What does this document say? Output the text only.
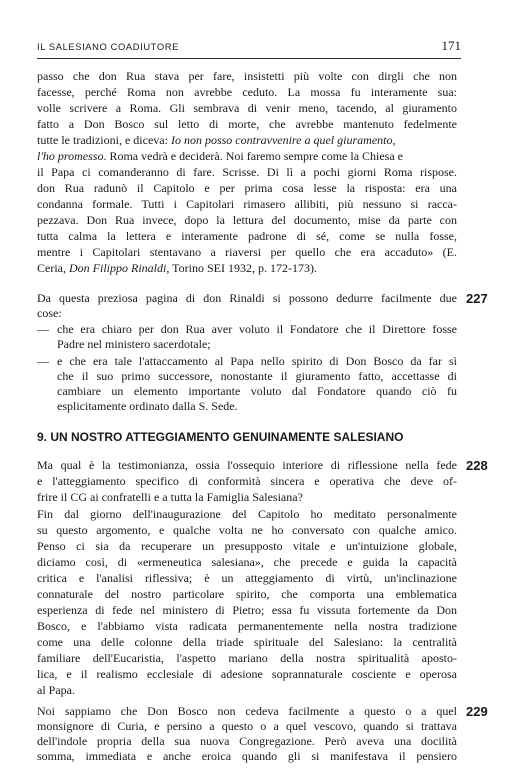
IL SALESIANO COADIUTORE	171
passo che don Rua stava per fare, insistetti più volte con dirgli che non
facesse, perché Roma non avrebbe ceduto. La mossa fu interamente sua:
volle scrivere a Roma. Gli sembrava di venir meno, tacendo, al giuramento
fatto a Don Bosco sul letto di morte, che avrebbe mantenuto fedelmente
tutte le tradizioni, e diceva: Io non posso contravvenire a quel giuramento,
l'ho promesso. Roma vedrà e deciderà. Noi faremo sempre come la Chiesa e
il Papa ci comanderanno di fare. Scrisse. Di lì a pochi giorni Roma rispose.
don Rua radunò il Capitolo e per prima cosa lesse la risposta: era una
condanna formale. Tutti i Capitolari rimasero allibiti, più nessuno si racca-
pezzava. Don Rua invece, dopo la lettura del documento, mise da parte con
tutta calma la lettera e interamente padrone di sé, come se nulla fosse,
mentre i Capitolari stentavano a riaversi per quello che era accaduto» (E.
Ceria, Don Filippo Rinaldi, Torino SEI 1932, p. 172-173).
227
Da questa preziosa pagina di don Rinaldi si possono dedurre facilmente due
cose:
— che era chiaro per don Rua aver voluto il Fondatore che il Direttore fosse
Padre nel ministero sacerdotale;
— e che era tale l'attaccamento al Papa nello spirito di Don Bosco da far sì
che il suo primo successore, nonostante il giuramento fatto, accettasse di
cambiare un elemento importante voluto dal Fondatore quando ciò fu
esplicitamente ordinato dalla S. Sede.
9. UN NOSTRO ATTEGGIAMENTO GENUINAMENTE SALESIANO
228
Ma qual è la testimonianza, ossia l'ossequio interiore di riflessione nella fede
e l'atteggiamento specifico di conformità sincera e operativa che deve of-
frire il CG ai confratelli e a tutta la Famiglia Salesiana?
Fin dal giorno dell'inaugurazione del Capitolo ho meditato personalmente
su questo argomento, e qualche volta ne ho conversato con qualche amico.
Penso ci sia da recuperare un presupposto vitale e un'intuizione globale,
diciamo così, di «ermeneutica salesiana», che precede e guida la capacità
critica e l'analisi riflessiva; è un atteggiamento di virtù, un'inclinazione
connaturale del nostro particolare spirito, che comporta una emblematica
esperienza di fede nel ministero di Pietro; essa fu vissuta fortemente da Don
Bosco, e l'abbiamo vista radicata permanentemente nella nostra tradizione
come una delle colonne della triade spirituale del Salesiano: la centralità
familiare dell'Eucaristia, l'aspetto mariano della nostra spiritualità aposto-
lica, e il realismo ecclesiale di adesione soprannaturale cosciente e operosa
al Papa.
229
Noi sappiamo che Don Bosco non cedeva facilmente a questo o a quel
monsignore di Curia, e persino a questo o a quel vescovo, quando si trattava
dell'indole propria della sua nuova Congregazione. Però aveva una docilità
somma, immediata e anche eroica quando gli si manifestava il pensiero
